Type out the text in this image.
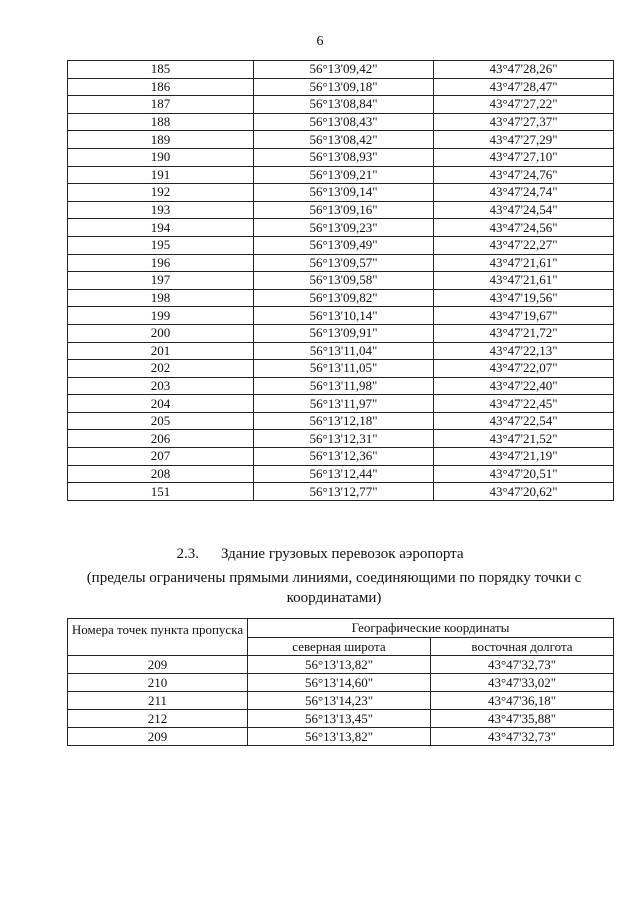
6
185	56°13'09,42"	43°47'28,26"
186	56°13'09,18"	43°47'28,47"
187	56°13'08,84"	43°47'27,22"
188	56°13'08,43"	43°47'27,37"
189	56°13'08,42"	43°47'27,29"
190	56°13'08,93"	43°47'27,10"
191	56°13'09,21"	43°47'24,76"
192	56°13'09,14"	43°47'24,74"
193	56°13'09,16"	43°47'24,54"
194	56°13'09,23"	43°47'24,56"
195	56°13'09,49"	43°47'22,27"
196	56°13'09,57"	43°47'21,61"
197	56°13'09,58"	43°47'21,61"
198	56°13'09,82"	43°47'19,56"
199	56°13'10,14"	43°47'19,67"
200	56°13'09,91"	43°47'21,72"
201	56°13'11,04"	43°47'22,13"
202	56°13'11,05"	43°47'22,07"
203	56°13'11,98"	43°47'22,40"
204	56°13'11,97"	43°47'22,45"
205	56°13'12,18"	43°47'22,54"
206	56°13'12,31"	43°47'21,52"
207	56°13'12,36"	43°47'21,19"
208	56°13'12,44"	43°47'20,51"
151	56°13'12,77"	43°47'20,62"
2.3. Здание грузовых перевозок аэропорта
(пределы ограничены прямыми линиями, соединяющими по порядку точки с координатами)
Номера точек пункта пропуска	Географические координаты	
	северная широта	восточная долгота
209	56°13'13,82"	43°47'32,73"
210	56°13'14,60"	43°47'33,02"
211	56°13'14,23"	43°47'36,18"
212	56°13'13,45"	43°47'35,88"
209	56°13'13,82"	43°47'32,73"
